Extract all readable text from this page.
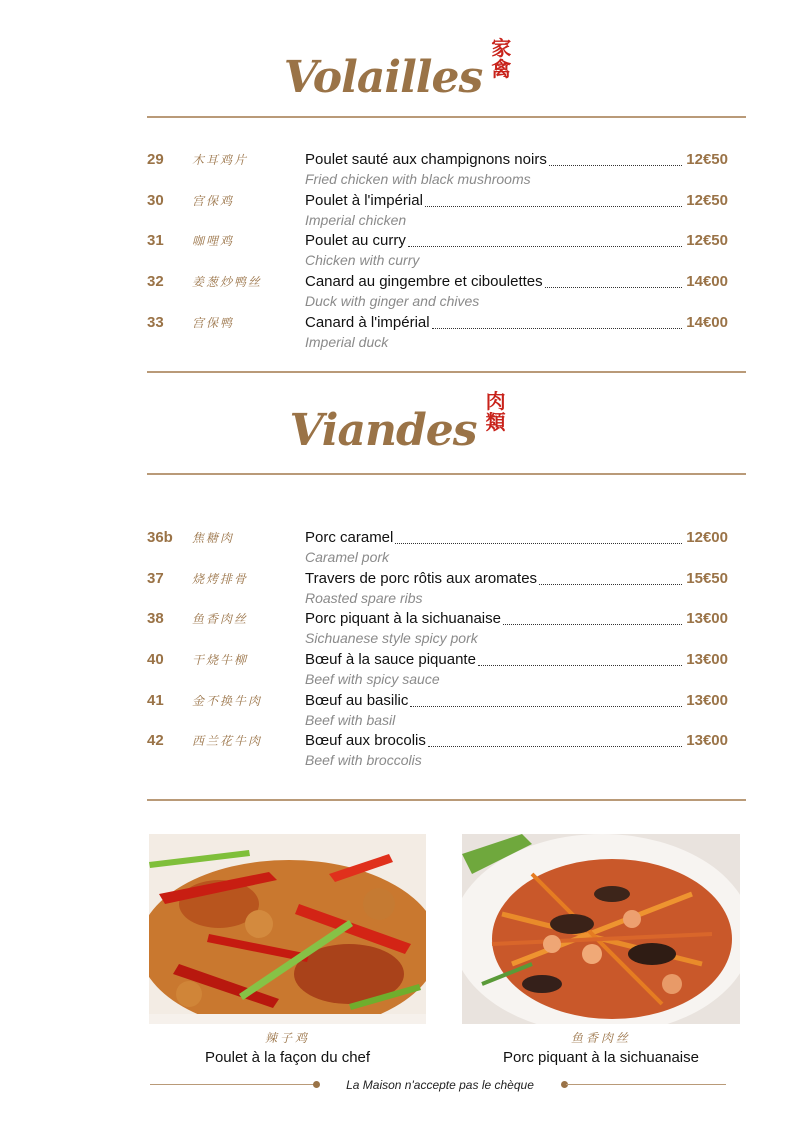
Volailles家禽
29 木耳鸡片	Poulet sauté aux champignons noirs	12€50
Fried chicken with black mushrooms
30 宫保鸡	Poulet à l'impérial	12€50
Imperial chicken
31 咖哩鸡	Poulet au curry	12€50
Chicken with curry
32 姜葱炒鸭丝	Canard au gingembre et ciboulettes	14€00
Duck with ginger and chives
33 宫保鸭	Canard à l'impérial	14€00
Imperial duck
Viandes肉類
36b 焦糖肉	Porc caramel	12€00
Caramel pork
37 烧烤排骨	Travers de porc rôtis aux aromates	15€50
Roasted spare ribs
38 鱼香肉丝	Porc piquant à la sichuanaise	13€00
Sichuanese style spicy pork
40 干烧牛柳	Bœuf à la sauce piquante	13€00
Beef with spicy sauce
41 金不换牛肉	Bœuf au basilic	13€00
Beef with basil
42 西兰花牛肉	Bœuf aux brocolis	13€00
Beef with broccolis
辣子鸡
Poulet à la façon du chef
鱼香肉丝
Porc piquant à la sichuanaise
La Maison n'accepte pas le chèque
